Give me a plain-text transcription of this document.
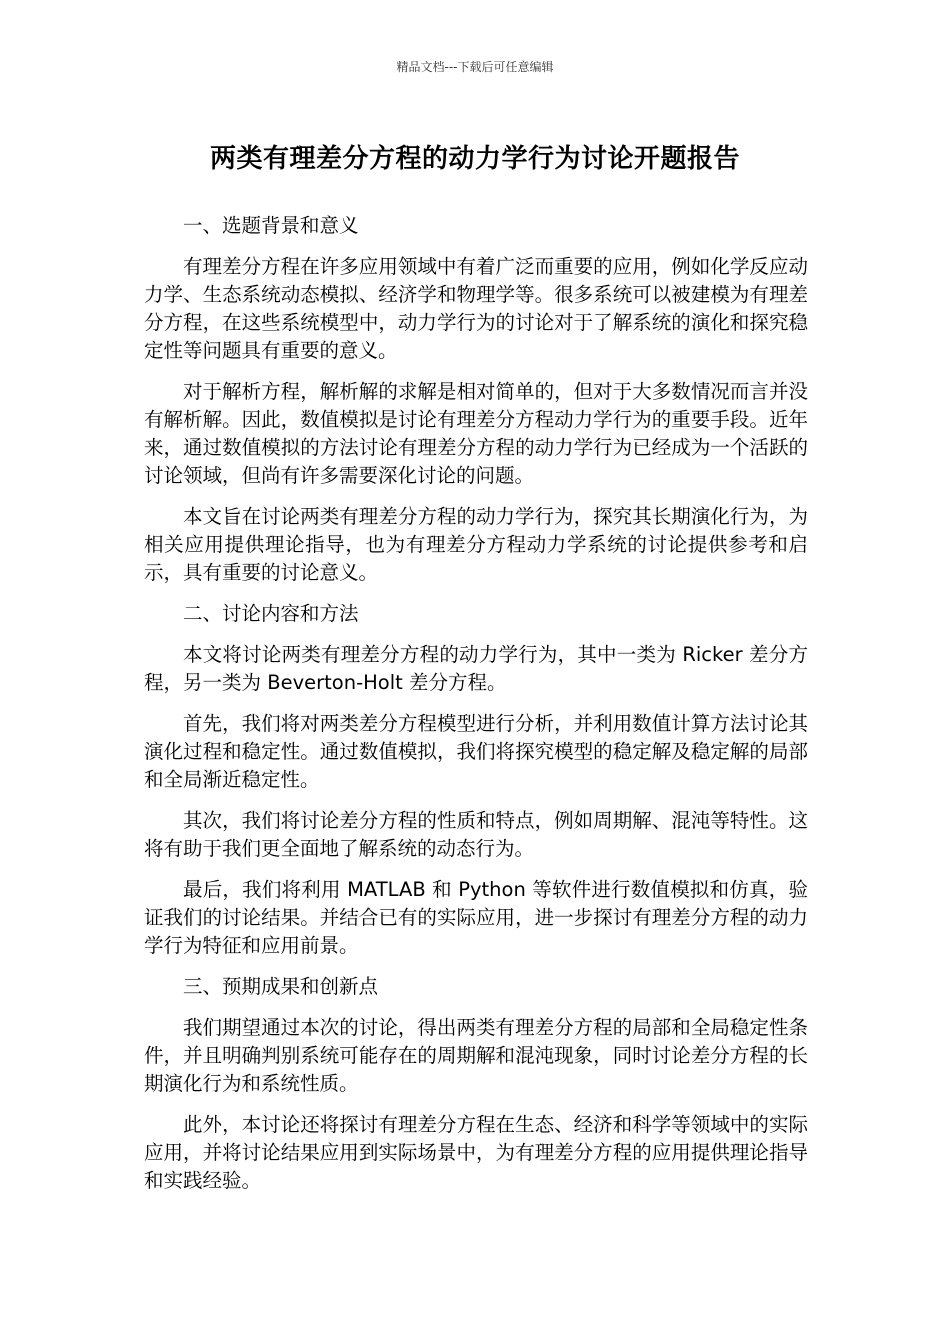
精品文档---下载后可任意编辑
两类有理差分方程的动力学行为讨论开题报告

一、选题背景和意义

有理差分方程在许多应用领域中有着广泛而重要的应用，例如化学反应动力学、生态系统动态模拟、经济学和物理学等。很多系统可以被建模为有理差分方程，在这些系统模型中，动力学行为的讨论对于了解系统的演化和探究稳定性等问题具有重要的意义。

对于解析方程，解析解的求解是相对简单的，但对于大多数情况而言并没有解析解。因此，数值模拟是讨论有理差分方程动力学行为的重要手段。近年来，通过数值模拟的方法讨论有理差分方程的动力学行为已经成为一个活跃的讨论领域，但尚有许多需要深化讨论的问题。

本文旨在讨论两类有理差分方程的动力学行为，探究其长期演化行为，为相关应用提供理论指导，也为有理差分方程动力学系统的讨论提供参考和启示，具有重要的讨论意义。

二、讨论内容和方法

本文将讨论两类有理差分方程的动力学行为，其中一类为 Ricker 差分方程，另一类为 Beverton-Holt 差分方程。

首先，我们将对两类差分方程模型进行分析，并利用数值计算方法讨论其演化过程和稳定性。通过数值模拟，我们将探究模型的稳定解及稳定解的局部和全局渐近稳定性。

其次，我们将讨论差分方程的性质和特点，例如周期解、混沌等特性。这将有助于我们更全面地了解系统的动态行为。

最后，我们将利用 MATLAB 和 Python 等软件进行数值模拟和仿真，验证我们的讨论结果。并结合已有的实际应用，进一步探讨有理差分方程的动力学行为特征和应用前景。

三、预期成果和创新点

我们期望通过本次的讨论，得出两类有理差分方程的局部和全局稳定性条件，并且明确判别系统可能存在的周期解和混沌现象，同时讨论差分方程的长期演化行为和系统性质。

此外，本讨论还将探讨有理差分方程在生态、经济和科学等领域中的实际应用，并将讨论结果应用到实际场景中，为有理差分方程的应用提供理论指导和实践经验。
